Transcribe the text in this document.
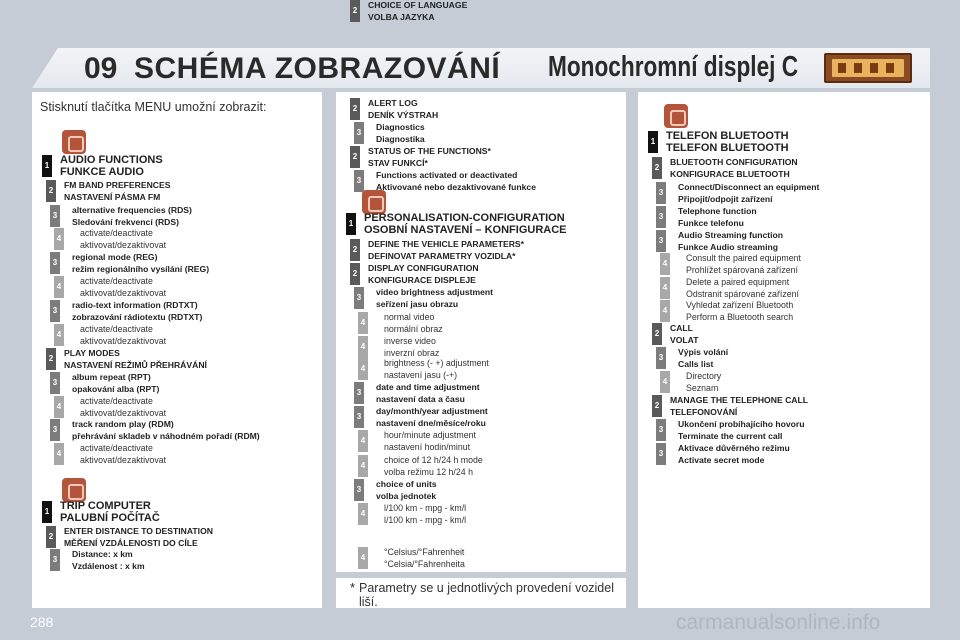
09 SCHÉMA ZOBRAZOVÁNÍ Monochromní displej C
Stisknutí tlačítka MENU umožní zobrazit:
1 AUDIO FUNCTIONS
FUNKCE AUDIO
2
FM BAND PREFERENCES
NASTAVENÍ PÁSMA FM
3
alternative frequencies (RDS)
Sledování frekvencí (RDS)
4
activate/deactivate
aktivovat/dezaktivovat
3
regional mode (REG)
režim regionálního vysílání (REG)
4
activate/deactivate
aktivovat/dezaktivovat
3
radio-text information (RDTXT)
zobrazování rádiotextu (RDTXT)
4
activate/deactivate
aktivovat/dezaktivovat
2
PLAY MODES
NASTAVENÍ REŽIMŮ PŘEHRÁVÁNÍ
3
album repeat (RPT)
opakování alba (RPT)
4
activate/deactivate
aktivovat/dezaktivovat
3
track random play (RDM)
přehrávání skladeb v náhodném pořadí (RDM)
4
activate/deactivate
aktivovat/dezaktivovat
1 TRIP COMPUTER
PALUBNÍ POČÍTAČ
2
ENTER DISTANCE TO DESTINATION
MĚŘENÍ VZDÁLENOSTI DO CÍLE
3
Distance: x km
Vzdálenost : x km
2
ALERT LOG
DENÍK VÝSTRAH
3
Diagnostics
Diagnostika
2
STATUS OF THE FUNCTIONS*
STAV FUNKCÍ*
3
Functions activated or deactivated
Aktivované nebo dezaktivované funkce
1 PERSONALISATION-CONFIGURATION
OSOBNÍ NASTAVENÍ – KONFIGURACE
2
DEFINE THE VEHICLE PARAMETERS*
DEFINOVAT PARAMETRY VOZIDLA*
2
DISPLAY CONFIGURATION
KONFIGURACE DISPLEJE
3
video brightness adjustment
seřízení jasu obrazu
4
normal video
normální obraz
4
inverse video
inverzní obraz
4
brightness (- +) adjustment
nastavení jasu (-+)
3
date and time adjustment
nastavení data a času
3
day/month/year adjustment
nastavení dne/měsíce/roku
4
hour/minute adjustment
nastavení hodin/minut
4
choice of 12 h/24 h mode
volba režimu 12 h/24 h
3
choice of units
volba jednotek
4
l/100 km - mpg - km/l
l/100 km - mpg - km/l
4
°Celsius/°Fahrenheit
°Celsia/°Fahrenheita
2
CHOICE OF LANGUAGE
VOLBA JAZYKA
1 TELEFON BLUETOOTH
TELEFON BLUETOOTH
2
BLUETOOTH CONFIGURATION
KONFIGURACE BLUETOOTH
3
Connect/Disconnect an equipment
Připojit/odpojit zařízení
3
Telephone function
Funkce telefonu
3
Audio Streaming function
Funkce Audio streaming
4
Consult the paired equipment
Prohlížet spárovaná zařízení
4
Delete a paired equipment
Odstranit spárované zařízení
4
Vyhledat zařízení Bluetooth
Perform a Bluetooth search
2
CALL
VOLAT
3
Výpis volání
Calls list
4
Directory
Seznam
2
MANAGE THE TELEPHONE CALL
TELEFONOVÁNÍ
3
Ukončení probíhajícího hovoru
Terminate the current call
3
Aktivace důvěrného režimu
Activate secret mode
* Parametry se u jednotlivých provedení vozidel liší.
288	carmanualsonline.info
